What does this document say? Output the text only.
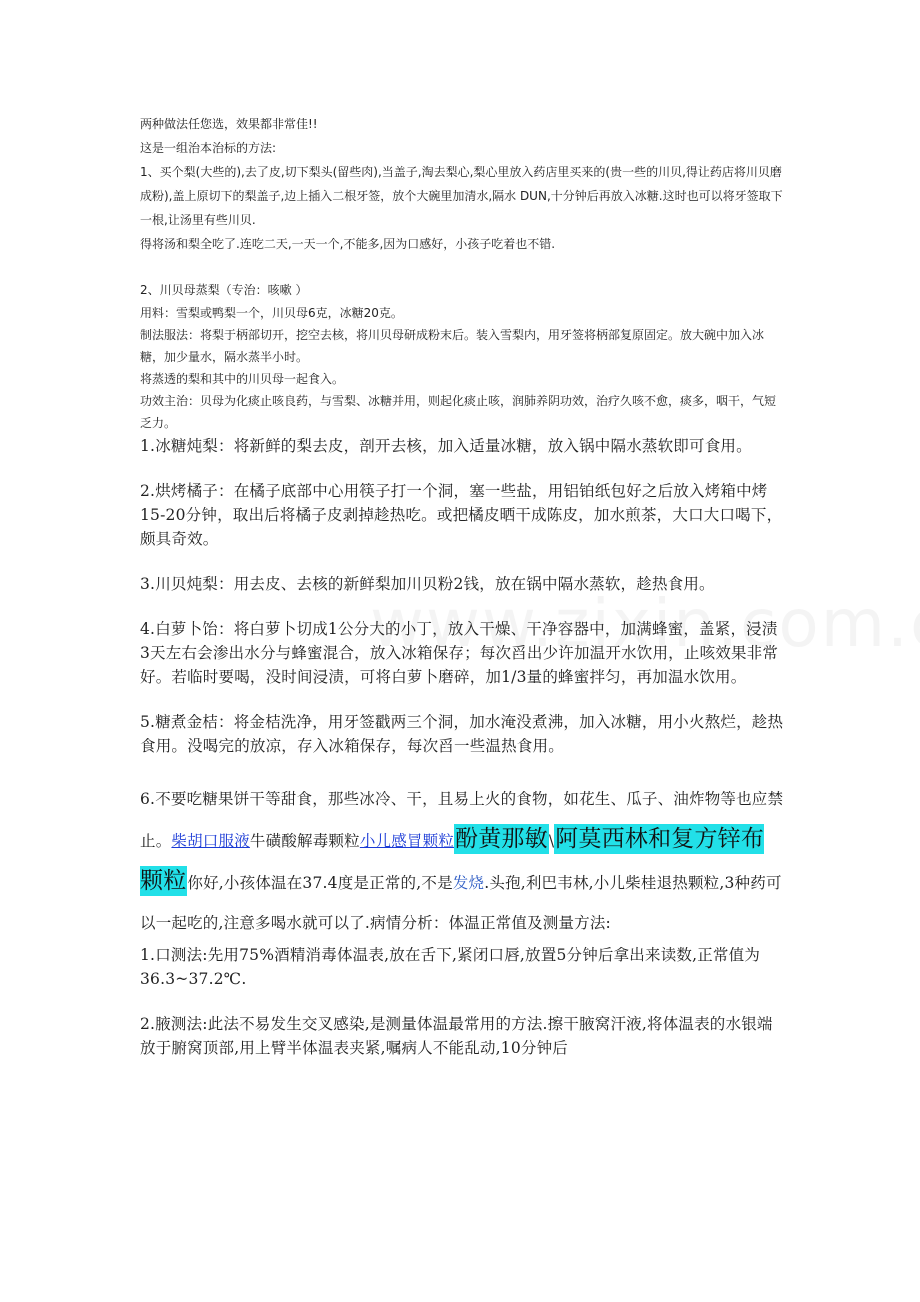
两种做法任您选，效果都非常佳!!

这是一组治本治标的方法:

1、买个梨(大些的),去了皮,切下梨头(留些肉),当盖子,淘去梨心,梨心里放入药店里买来的(贵一些的川贝,得让药店将川贝磨成粉),盖上原切下的梨盖子,边上插入二根牙签，放个大碗里加清水,隔水 DUN,十分钟后再放入冰糖.这时也可以将牙签取下一根,让汤里有些川贝.

得将汤和梨全吃了.连吃二天,一天一个,不能多,因为口感好，小孩子吃着也不错.

2、川贝母蒸梨（专治：咳嗽 ）

用料：雪梨或鸭梨一个，川贝母6克，冰糖20克。

制法服法：将梨于柄部切开，挖空去核，将川贝母研成粉末后。装入雪梨内，用牙签将柄部复原固定。放大碗中加入冰糖，加少量水，隔水蒸半小时。

将蒸透的梨和其中的川贝母一起食入。

功效主治：贝母为化痰止咳良药，与雪梨、冰糖并用，则起化痰止咳，润肺养阴功效，治疗久咳不愈，痰多，咽干，气短乏力。

1.冰糖炖梨：将新鲜的梨去皮，剖开去核，加入适量冰糖，放入锅中隔水蒸软即可食用。

2.烘烤橘子：在橘子底部中心用筷子打一个洞，塞一些盐，用铝铂纸包好之后放入烤箱中烤15-20分钟，取出后将橘子皮剥掉趁热吃。或把橘皮晒干成陈皮，加水煎茶，大口大口喝下，颇具奇效。

3.川贝炖梨：用去皮、去核的新鲜梨加川贝粉2钱，放在锅中隔水蒸软，趁热食用。

4.白萝卜饴：将白萝卜切成1公分大的小丁，放入干燥、干净容器中，加满蜂蜜，盖紧，浸渍3天左右会渗出水分与蜂蜜混合，放入冰箱保存；每次舀出少许加温开水饮用，止咳效果非常好。若临时要喝，没时间浸渍，可将白萝卜磨碎，加1/3量的蜂蜜拌匀，再加温水饮用。

5.糖煮金桔：将金桔洗净，用牙签戳两三个洞，加水淹没煮沸，加入冰糖，用小火熬烂，趁热食用。没喝完的放凉，存入冰箱保存，每次舀一些温热食用。

6.不要吃糖果饼干等甜食，那些冰冷、干，且易上火的食物，如花生、瓜子、油炸物等也应禁止。柴胡口服液牛磺酸解毒颗粒小儿感冒颗粒酚黄那敏\阿莫西林和复方锌布颗粒你好,小孩体温在37.4度是正常的,不是发烧.头孢,利巴韦林,小儿柴桂退热颗粒,3种药可以一起吃的,注意多喝水就可以了.病情分析：体温正常值及测量方法:

1.口测法:先用75%酒精消毒体温表,放在舌下,紧闭口唇,放置5分钟后拿出来读数,正常值为36.3~37.2℃.

2.腋测法:此法不易发生交叉感染,是测量体温最常用的方法.擦干腋窝汗液,将体温表的水银端放于腑窝顶部,用上臂半体温表夹紧,嘱病人不能乱动,10分钟后
